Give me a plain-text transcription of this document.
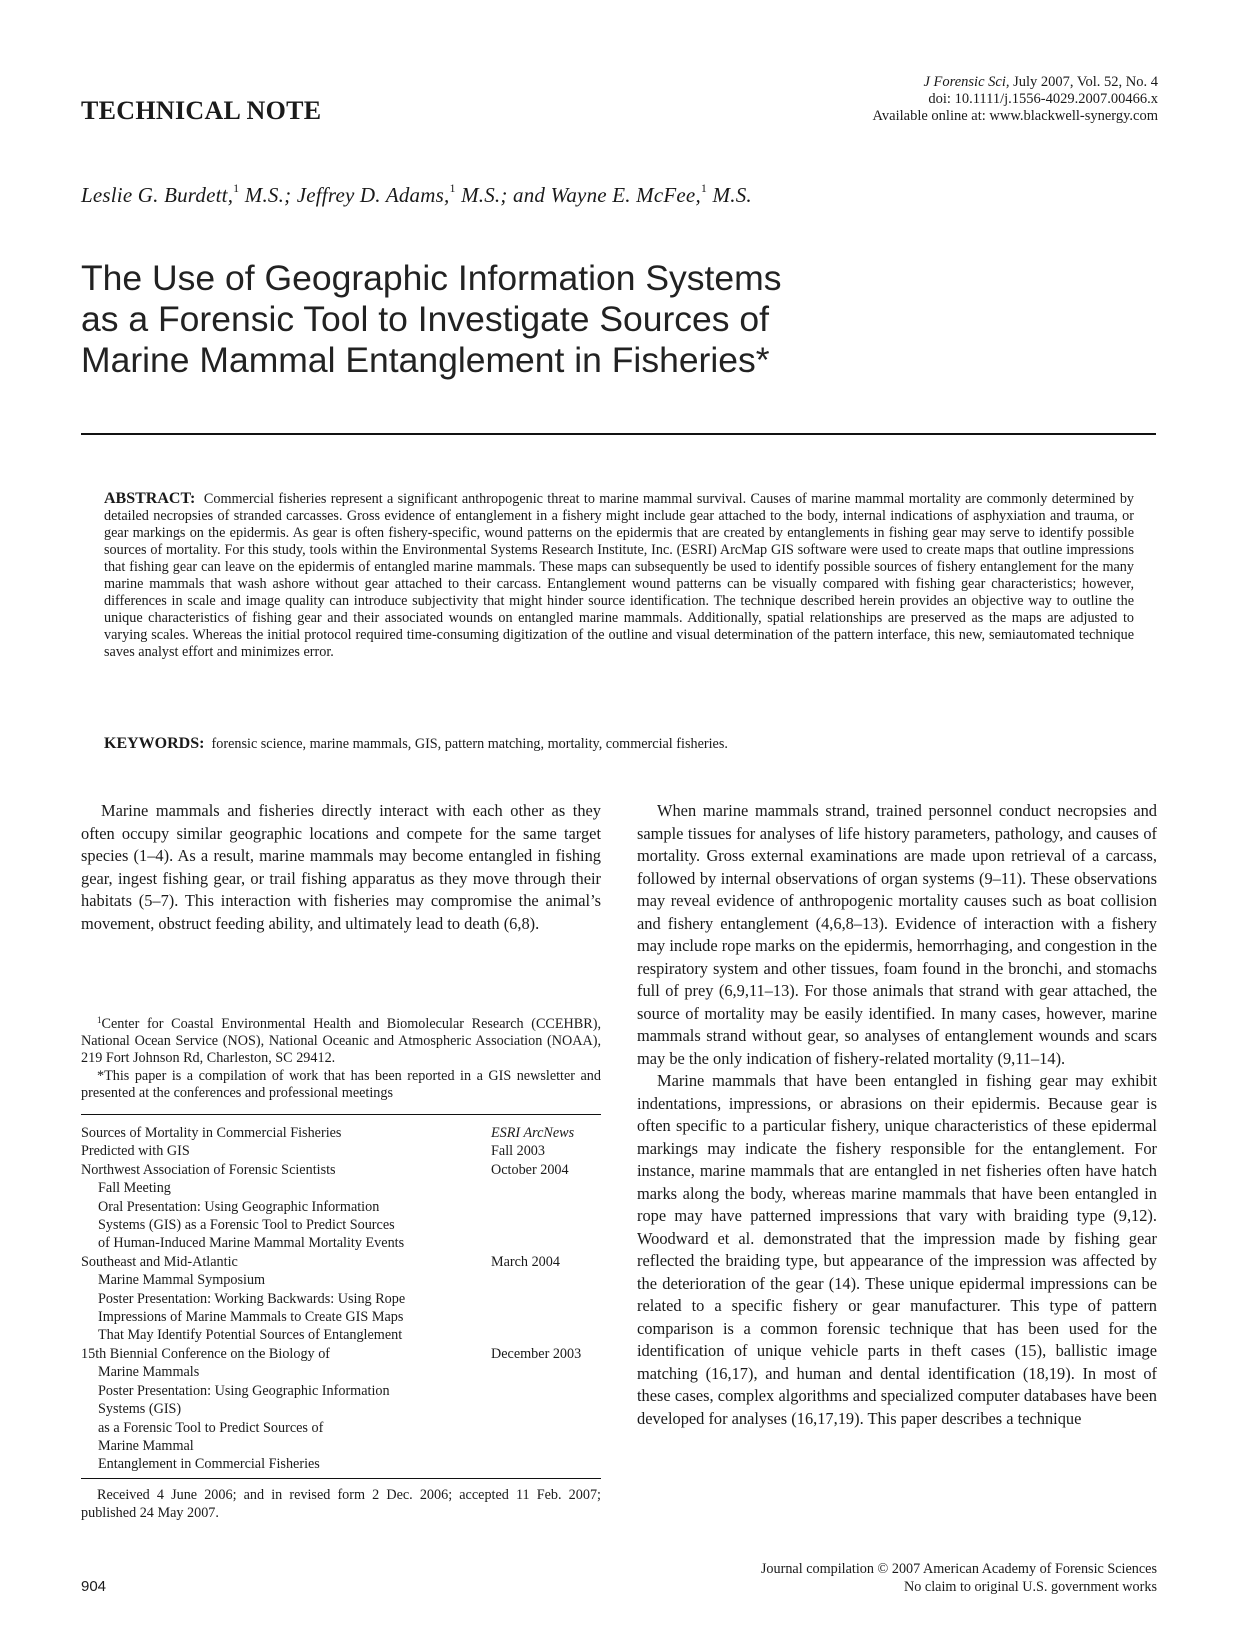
TECHNICAL NOTE
J Forensic Sci, July 2007, Vol. 52, No. 4
doi: 10.1111/j.1556-4029.2007.00466.x
Available online at: www.blackwell-synergy.com
Leslie G. Burdett,$^1$ M.S.; Jeffrey D. Adams,$^1$ M.S.; and Wayne E. McFee,$^1$ M.S.
The Use of Geographic Information Systems
as a Forensic Tool to Investigate Sources of
Marine Mammal Entanglement in Fisheries*
ABSTRACT: Commercial fisheries represent a significant anthropogenic threat to marine mammal survival. Causes of marine mammal mortality are commonly determined by detailed necropsies of stranded carcasses. Gross evidence of entanglement in a fishery might include gear attached to the body, internal indications of asphyxiation and trauma, or gear markings on the epidermis. As gear is often fishery-specific, wound patterns on the epidermis that are created by entanglements in fishing gear may serve to identify possible sources of mortality. For this study, tools within the Environmental Systems Research Institute, Inc. (ESRI) ArcMap GIS software were used to create maps that outline impressions that fishing gear can leave on the epidermis of entangled marine mammals. These maps can subsequently be used to identify possible sources of fishery entanglement for the many marine mammals that wash ashore without gear attached to their carcass. Entanglement wound patterns can be visually compared with fishing gear characteristics; however, differences in scale and image quality can introduce subjectivity that might hinder source identification. The technique described herein provides an objective way to outline the unique characteristics of fishing gear and their associated wounds on entangled marine mammals. Additionally, spatial relationships are preserved as the maps are adjusted to varying scales. Whereas the initial protocol required time-consuming digitization of the outline and visual determination of the pattern interface, this new, semiautomated technique saves analyst effort and minimizes error.
KEYWORDS: forensic science, marine mammals, GIS, pattern matching, mortality, commercial fisheries.

Marine mammals and fisheries directly interact with each other as they often occupy similar geographic locations and compete for the same target species (1–4). As a result, marine mammals may become entangled in fishing gear, ingest fishing gear, or trail fishing apparatus as they move through their habitats (5–7). This interaction with fisheries may compromise the animal’s movement, obstruct feeding ability, and ultimately lead to death (6,8).

$^1$Center for Coastal Environmental Health and Biomolecular Research (CCEHBR), National Ocean Service (NOS), National Oceanic and Atmospheric Association (NOAA), 219 Fort Johnson Rd, Charleston, SC 29412.

*This paper is a compilation of work that has been reported in a GIS newsletter and presented at the conferences and professional meetings

Sources of Mortality in Commercial Fisheries	ESRI ArcNews
Predicted with GIS	Fall 2003
Northwest Association of Forensic Scientists	October 2004
Fall Meeting
Oral Presentation: Using Geographic Information
Systems (GIS) as a Forensic Tool to Predict Sources
of Human-Induced Marine Mammal Mortality Events
Southeast and Mid-Atlantic	March 2004
Marine Mammal Symposium
Poster Presentation: Working Backwards: Using Rope
Impressions of Marine Mammals to Create GIS Maps
That May Identify Potential Sources of Entanglement
15th Biennial Conference on the Biology of	December 2003
Marine Mammals
Poster Presentation: Using Geographic Information
Systems (GIS)
as a Forensic Tool to Predict Sources of
Marine Mammal
Entanglement in Commercial Fisheries
Received 4 June 2006; and in revised form 2 Dec. 2006; accepted 11 Feb. 2007; published 24 May 2007.

When marine mammals strand, trained personnel conduct necropsies and sample tissues for analyses of life history parameters, pathology, and causes of mortality. Gross external examinations are made upon retrieval of a carcass, followed by internal observations of organ systems (9–11). These observations may reveal evidence of anthropogenic mortality causes such as boat collision and fishery entanglement (4,6,8–13). Evidence of interaction with a fishery may include rope marks on the epidermis, hemorrhaging, and congestion in the respiratory system and other tissues, foam found in the bronchi, and stomachs full of prey (6,9,11–13). For those animals that strand with gear attached, the source of mortality may be easily identified. In many cases, however, marine mammals strand without gear, so analyses of entanglement wounds and scars may be the only indication of fishery-related mortality (9,11–14).

Marine mammals that have been entangled in fishing gear may exhibit indentations, impressions, or abrasions on their epidermis. Because gear is often specific to a particular fishery, unique characteristics of these epidermal markings may indicate the fishery responsible for the entanglement. For instance, marine mammals that are entangled in net fisheries often have hatch marks along the body, whereas marine mammals that have been entangled in rope may have patterned impressions that vary with braiding type (9,12). Woodward et al. demonstrated that the impression made by fishing gear reflected the braiding type, but appearance of the impression was affected by the deterioration of the gear (14). These unique epidermal impressions can be related to a specific fishery or gear manufacturer. This type of pattern comparison is a common forensic technique that has been used for the identification of unique vehicle parts in theft cases (15), ballistic image matching (16,17), and human and dental identification (18,19). In most of these cases, complex algorithms and specialized computer databases have been developed for analyses (16,17,19). This paper describes a technique

904
Journal compilation © 2007 American Academy of Forensic Sciences
No claim to original U.S. government works
